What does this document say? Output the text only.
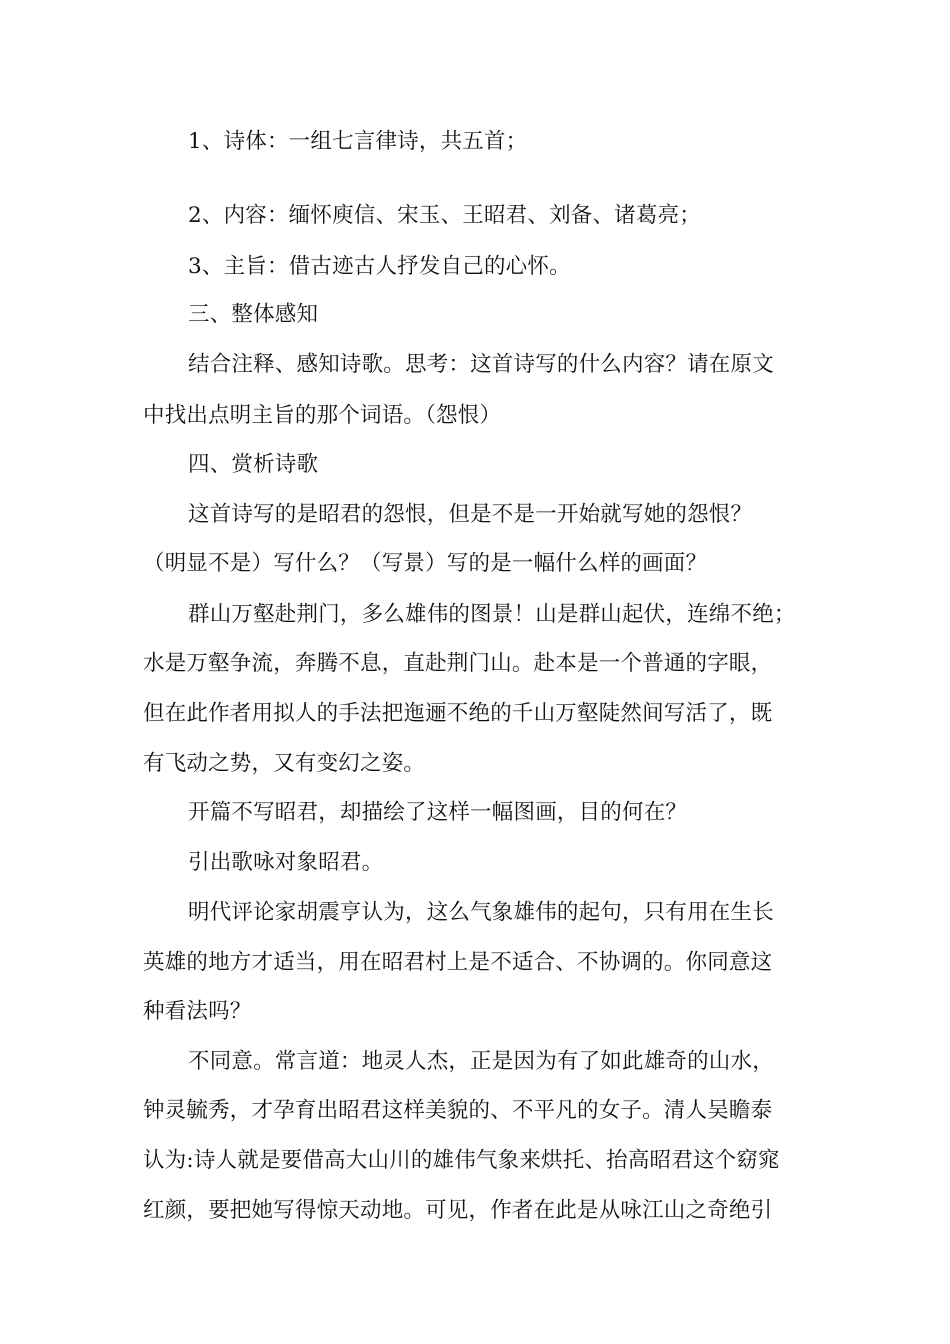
1、诗体：一组七言律诗，共五首；
2、内容：缅怀庾信、宋玉、王昭君、刘备、诸葛亮；
3、主旨：借古迹古人抒发自己的心怀。
三、整体感知
结合注释、感知诗歌。思考：这首诗写的什么内容？请在原文
中找出点明主旨的那个词语。（怨恨）
四、赏析诗歌
这首诗写的是昭君的怨恨，但是不是一开始就写她的怨恨？
（明显不是）写什么？（写景）写的是一幅什么样的画面？
群山万壑赴荆门，多么雄伟的图景！山是群山起伏，连绵不绝；
水是万壑争流，奔腾不息，直赴荆门山。赴本是一个普通的字眼，
但在此作者用拟人的手法把迤逦不绝的千山万壑陡然间写活了，既
有飞动之势，又有变幻之姿。
开篇不写昭君，却描绘了这样一幅图画，目的何在？
引出歌咏对象昭君。
明代评论家胡震亨认为，这么气象雄伟的起句，只有用在生长
英雄的地方才适当，用在昭君村上是不适合、不协调的。你同意这
种看法吗？
不同意。常言道：地灵人杰，正是因为有了如此雄奇的山水，
钟灵毓秀，才孕育出昭君这样美貌的、不平凡的女子。清人吴瞻泰
认为:诗人就是要借高大山川的雄伟气象来烘托、抬高昭君这个窈窕
红颜，要把她写得惊天动地。可见，作者在此是从咏江山之奇绝引
